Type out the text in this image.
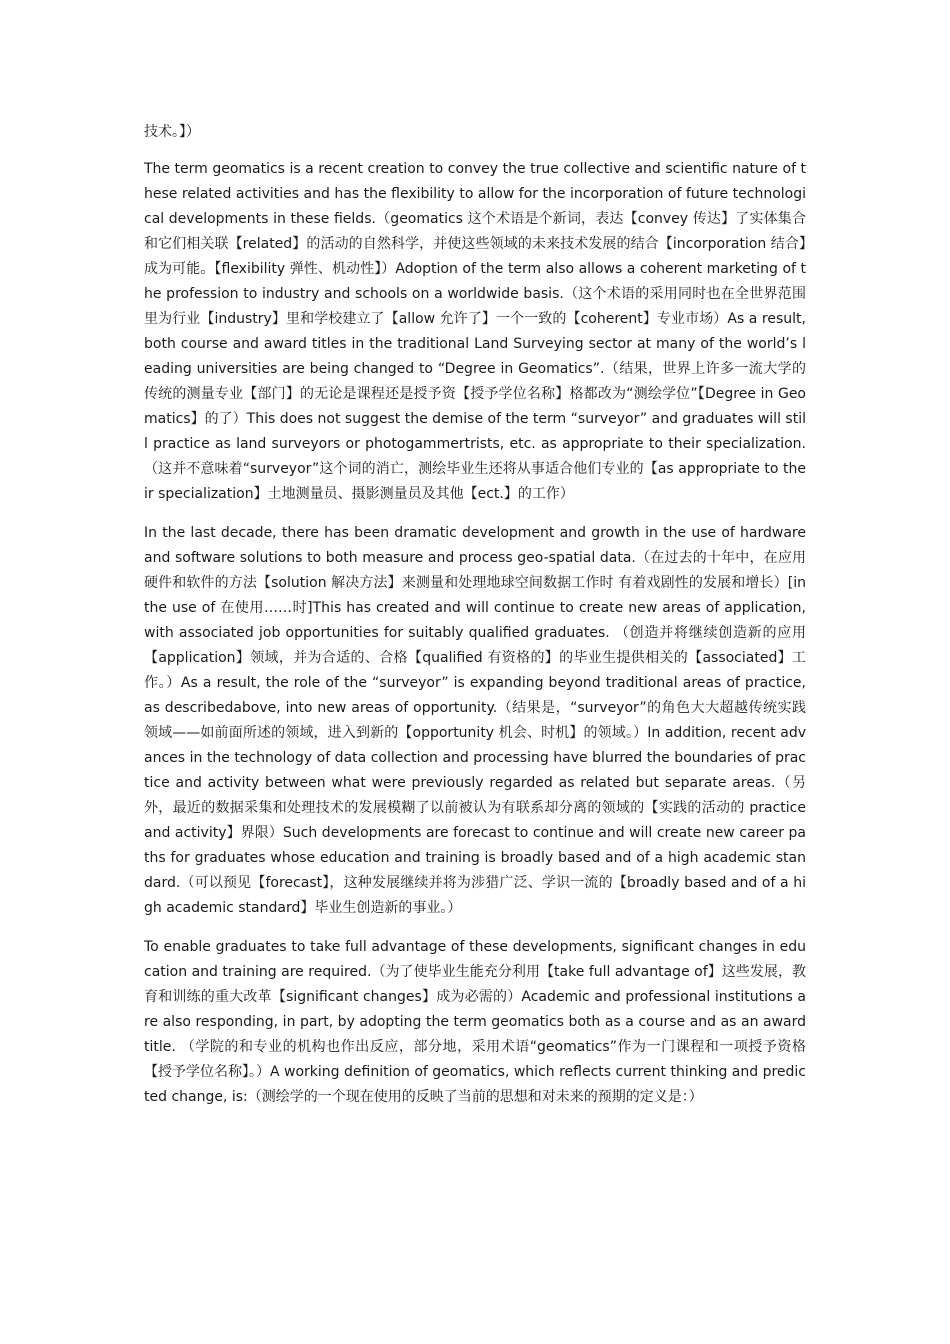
技术。】）

The term geomatics is a recent creation to convey the true collective and scientific nature of these related activities and has the flexibility to allow for the incorporation of future technological developments in these fields.（geomatics 这个术语是个新词，表达【convey 传达】了实体集合和它们相关联【related】的活动的自然科学，并使这些领域的未来技术发展的结合【incorporation 结合】成为可能。【flexibility 弹性、机动性】）Adoption of the term also allows a coherent marketing of the profession to industry and schools on a worldwide basis.（这个术语的采用同时也在全世界范围里为行业【industry】里和学校建立了【allow 允许了】一个一致的【coherent】专业市场）As a result, both course and award titles in the traditional Land Surveying sector at many of the world’s leading universities are being changed to “Degree in Geomatics”.（结果，世界上许多一流大学的传统的测量专业【部门】的无论是课程还是授予资【授予学位名称】格都改为“测绘学位”【Degree in Geomatics】的了）This does not suggest the demise of the term “surveyor” and graduates will still practice as land surveyors or photogammertrists, etc. as appropriate to their specialization.（这并不意味着“surveyor”这个词的消亡，测绘毕业生还将从事适合他们专业的【as appropriate to their specialization】土地测量员、摄影测量员及其他【ect.】的工作）

In the last decade, there has been dramatic development and growth in the use of hardware and software solutions to both measure and process geo-spatial data.（在过去的十年中，在应用硬件和软件的方法【solution 解决方法】来测量和处理地球空间数据工作时 有着戏剧性的发展和增长）[in the use of 在使用……时]This has created and will continue to create new areas of application, with associated job opportunities for suitably qualified graduates. （创造并将继续创造新的应用【application】领域，并为合适的、合格【qualified 有资格的】的毕业生提供相关的【associated】工作。）As a result, the role of the “surveyor” is expanding beyond traditional areas of practice, as describedabove, into new areas of opportunity.（结果是，“surveyor”的角色大大超越传统实践领域——如前面所述的领域，进入到新的【opportunity 机会、时机】的领域。）In addition, recent advances in the technology of data collection and processing have blurred the boundaries of practice and activity between what were previously regarded as related but separate areas.（另外，最近的数据采集和处理技术的发展模糊了以前被认为有联系却分离的领域的【实践的活动的 practice and activity】界限）Such developments are forecast to continue and will create new career paths for graduates whose education and training is broadly based and of a high academic standard.（可以预见【forecast】，这种发展继续并将为涉猎广泛、学识一流的【broadly based and of a high academic standard】毕业生创造新的事业。）

To enable graduates to take full advantage of these developments, significant changes in education and training are required.（为了使毕业生能充分利用【take full advantage of】这些发展，教育和训练的重大改革【significant changes】成为必需的）Academic and professional institutions are also responding, in part, by adopting the term geomatics both as a course and as an award title. （学院的和专业的机构也作出反应，部分地，采用术语“geomatics”作为一门课程和一项授予资格【授予学位名称】。）A working definition of geomatics, which reflects current thinking and predicted change, is:（测绘学的一个现在使用的反映了当前的思想和对未来的预期的定义是：）
